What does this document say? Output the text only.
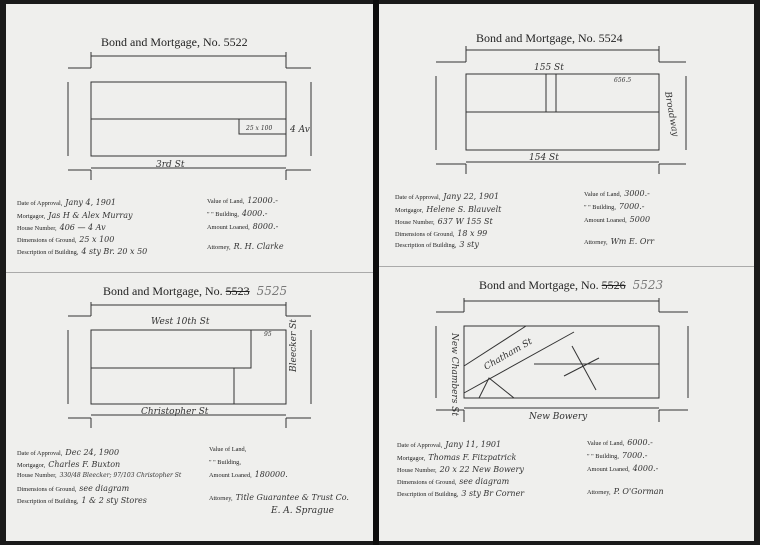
Bond and Mortgage, No. 5522
25 x 100 4 Av
3rd St
Date of Approval, Jany 4, 1901
Mortgagor, Jas H & Alex Murray
House Number, 406 — 4 Av
Dimensions of Ground, 25 x 100
Description of Building, 4 sty Br. 20 x 50
Value of Land, 12000.-
" " Building, 4000.-
Amount Loaned, 8000.-
Attorney, R. H. Clarke
Bond and Mortgage, No. 5523 5525
95
West 10th St
Christopher St
Bleecker St
Date of Approval, Dec 24, 1900
Mortgagor, Charles F. Buxton
House Number, 330/48 Bleecker; 97/103 Christopher St
Dimensions of Ground, see diagram
Description of Building, 1 & 2 sty Stores
Value of Land,
" " Building,
Amount Loaned, 180000.
Attorney, Title Guarantee & Trust Co.
E. A. Sprague
Bond and Mortgage, No. 5524
155 St
656.5
154 St
Broadway
Date of Approval, Jany 22, 1901
Mortgagor, Helene S. Blauvelt
House Number, 637 W 155 St
Dimensions of Ground, 18 x 99
Description of Building, 3 sty
Value of Land, 3000.-
" " Building, 7000.-
Amount Loaned, 5000
Attorney, Wm E. Orr
Bond and Mortgage, No. 5526 5523
Chatham St
New Bowery
New Chambers St
Date of Approval, Jany 11, 1901
Mortgagor, Thomas F. Fitzpatrick
House Number, 20 x 22 New Bowery
Dimensions of Ground, see diagram
Description of Building, 3 sty Br Corner
Value of Land, 6000.-
" " Building, 7000.-
Amount Loaned, 4000.-
Attorney, P. O'Gorman
